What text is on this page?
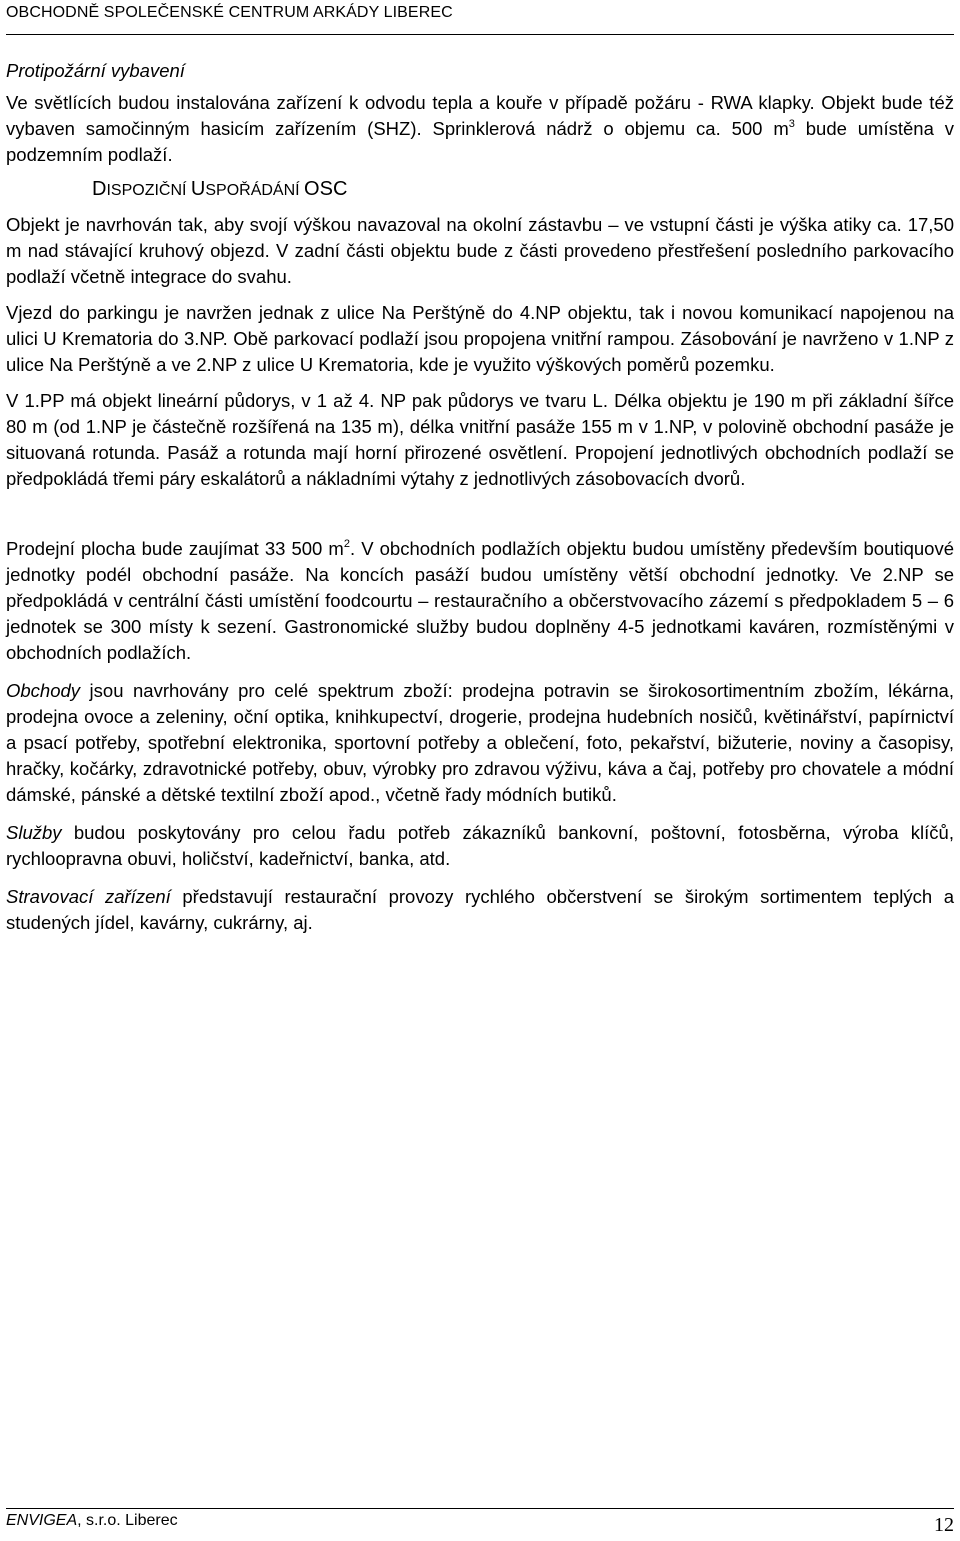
OBCHODNĚ SPOLEČENSKÉ CENTRUM ARKÁDY LIBEREC

Protipožární vybavení

Ve světlících budou instalována zařízení k odvodu tepla a kouře v případě požáru - RWA klapky. Objekt bude též vybaven samočinným hasicím zařízením (SHZ). Sprinklerová nádrž o objemu ca. 500 $m^3$ bude umístěna v podzemním podlaží.

DISPOZIČNÍ USPOŘÁDÁNÍ OSC

Objekt je navrhován tak, aby svojí výškou navazoval na okolní zástavbu – ve vstupní části je výška atiky ca. 17,50 m nad stávající kruhový objezd. V zadní části objektu bude z části provedeno přestřešení posledního parkovacího podlaží včetně integrace do svahu.

Vjezd do parkingu je navržen jednak z ulice Na Perštýně do 4.NP objektu, tak i novou komunikací napojenou na ulici U Krematoria do 3.NP. Obě parkovací podlaží jsou propojena vnitřní rampou. Zásobování je navrženo v 1.NP z ulice Na Perštýně a ve 2.NP z ulice U Krematoria, kde je využito výškových poměrů pozemku.

V 1.PP má objekt lineární půdorys, v 1 až 4. NP pak půdorys ve tvaru L. Délka objektu je 190 m při základní šířce 80 m (od 1.NP je částečně rozšířená na 135 m), délka vnitřní pasáže 155 m v 1.NP, v polovině obchodní pasáže je situovaná rotunda. Pasáž a rotunda mají horní přirozené osvětlení. Propojení jednotlivých obchodních podlaží se předpokládá třemi páry eskalátorů a nákladními výtahy z jednotlivých zásobovacích dvorů.

Prodejní plocha bude zaujímat 33 500 $m^2$. V obchodních podlažích objektu budou umístěny především boutiquové jednotky podél obchodní pasáže. Na koncích pasáží budou umístěny větší obchodní jednotky. Ve 2.NP se předpokládá v centrální části umístění foodcourtu – restauračního a občerstvovacího zázemí s předpokladem 5 – 6 jednotek se 300 místy k sezení. Gastronomické služby budou doplněny 4-5 jednotkami kaváren, rozmístěnými v obchodních podlažích.

Obchody jsou navrhovány pro celé spektrum zboží: prodejna potravin se širokosortimentním zbožím, lékárna, prodejna ovoce a zeleniny, oční optika, knihkupectví, drogerie, prodejna hudebních nosičů, květinářství, papírnictví a psací potřeby, spotřební elektronika, sportovní potřeby a oblečení, foto, pekařství, bižuterie, noviny a časopisy, hračky, kočárky, zdravotnické potřeby, obuv, výrobky pro zdravou výživu, káva a čaj, potřeby pro chovatele a módní dámské, pánské a dětské textilní zboží apod., včetně řady módních butiků.

Služby budou poskytovány pro celou řadu potřeb zákazníků bankovní, poštovní, fotosběrna, výroba klíčů, rychloopravna obuvi, holičství, kadeřnictví, banka, atd.

Stravovací zařízení představují restaurační provozy rychlého občerstvení se širokým sortimentem teplých a studených jídel, kavárny, cukrárny, aj.

ENVIGEA, s.r.o. Liberec	12
